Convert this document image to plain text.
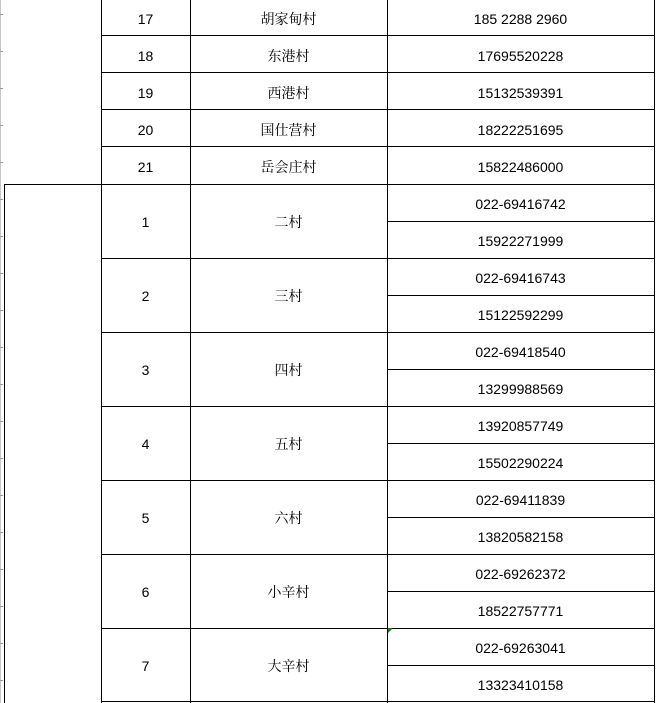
17	胡家甸村	185 2288 2960
18	东港村	17695520228
19	西港村	15132539391
20	国仕营村	18222251695
21	岳会庄村	15822486000
1	二村
022-69416742
15922271999
2	三村
022-69416743
15122592299
3	四村
022-69418540
13299988569
4	五村
13920857749
15502290224
5	六村
022-69411839
13820582158
6	小辛村
022-69262372
18522757771
7	大辛村
022-69263041
13323410158
